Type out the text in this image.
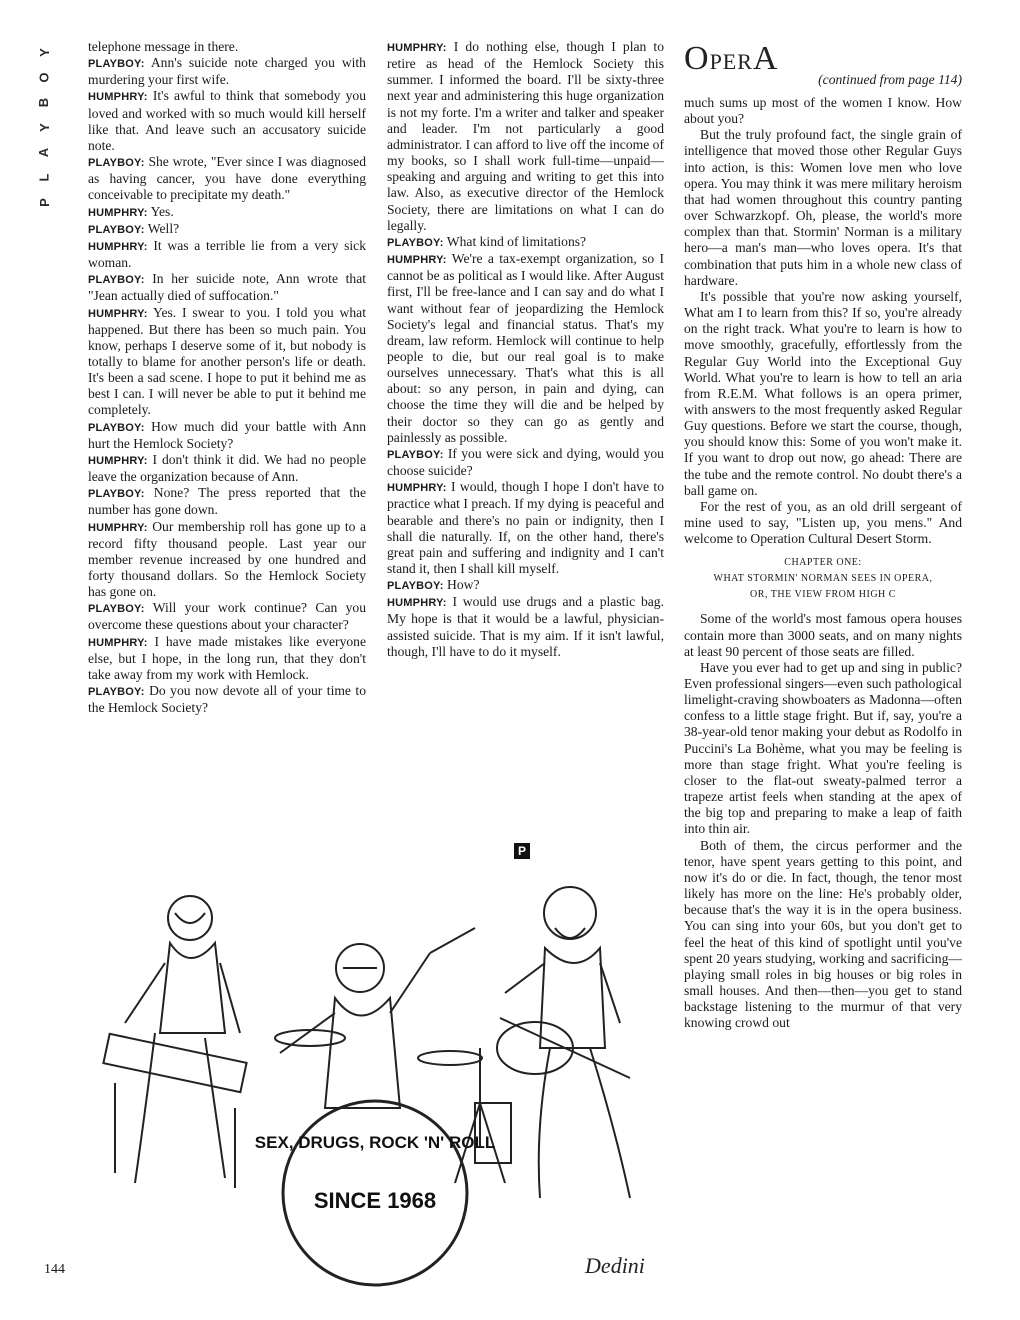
Y
O
B
Y
A
L
P

telephone message in there.

PLAYBOY: Ann's suicide note charged you with murdering your first wife.

HUMPHRY: It's awful to think that somebody you loved and worked with so much would kill herself like that. And leave such an accusatory suicide note.

PLAYBOY: She wrote, "Ever since I was diagnosed as having cancer, you have done everything conceivable to precipitate my death."

HUMPHRY: Yes.

PLAYBOY: Well?

HUMPHRY: It was a terrible lie from a very sick woman.

PLAYBOY: In her suicide note, Ann wrote that "Jean actually died of suffocation."

HUMPHRY: Yes. I swear to you. I told you what happened. But there has been so much pain. You know, perhaps I deserve some of it, but nobody is totally to blame for another person's life or death. It's been a sad scene. I hope to put it behind me as best I can. I will never be able to put it behind me completely.

PLAYBOY: How much did your battle with Ann hurt the Hemlock Society?

HUMPHRY: I don't think it did. We had no people leave the organization because of Ann.

PLAYBOY: None? The press reported that the number has gone down.

HUMPHRY: Our membership roll has gone up to a record fifty thousand people. Last year our member revenue increased by one hundred and forty thousand dollars. So the Hemlock Society has gone on.

PLAYBOY: Will your work continue? Can you overcome these questions about your character?

HUMPHRY: I have made mistakes like everyone else, but I hope, in the long run, that they don't take away from my work with Hemlock.

PLAYBOY: Do you now devote all of your time to the Hemlock Society?

HUMPHRY: I do nothing else, though I plan to retire as head of the Hemlock Society this summer. I informed the board. I'll be sixty-three next year and administering this huge organization is not my forte. I'm a writer and talker and speaker and leader. I'm not particularly a good administrator. I can afford to live off the income of my books, so I shall work full-time—unpaid—speaking and arguing and writing to get this into law. Also, as executive director of the Hemlock Society, there are limitations on what I can do legally.

PLAYBOY: What kind of limitations?

HUMPHRY: We're a tax-exempt organization, so I cannot be as political as I would like. After August first, I'll be free-lance and I can say and do what I want without fear of jeopardizing the Hemlock Society's legal and financial status. That's my dream, law reform. Hemlock will continue to help people to die, but our real goal is to make ourselves unnecessary. That's what this is all about: so any person, in pain and dying, can choose the time they will die and be helped by their doctor so they can go as gently and painlessly as possible.

PLAYBOY: If you were sick and dying, would you choose suicide?

HUMPHRY: I would, though I hope I don't have to practice what I preach. If my dying is peaceful and bearable and there's no pain or indignity, then I shall die naturally. If, on the other hand, there's great pain and suffering and indignity and I can't stand it, then I shall kill myself.

PLAYBOY: How?

HUMPHRY: I would use drugs and a plastic bag. My hope is that it would be a lawful, physician-assisted suicide. That is my aim. If it isn't lawful, though, I'll have to do it myself.

P
OPERA
(continued from page 114)

much sums up most of the women I know. How about you?

But the truly profound fact, the single grain of intelligence that moved those other Regular Guys into action, is this: Women love men who love opera. You may think it was mere military heroism that had women throughout this country panting over Schwarzkopf. Oh, please, the world's more complex than that. Stormin' Norman is a military hero—a man's man—who loves opera. It's that combination that puts him in a whole new class of hardware.

It's possible that you're now asking yourself, What am I to learn from this? If so, you're already on the right track. What you're to learn is how to move smoothly, gracefully, effortlessly from the Regular Guy World into the Exceptional Guy World. What you're to learn is how to tell an aria from R.E.M. What follows is an opera primer, with answers to the most frequently asked Regular Guy questions. Before we start the course, though, you should know this: Some of you won't make it. If you want to drop out now, go ahead: There are the tube and the remote control. No doubt there's a ball game on.

For the rest of you, as an old drill sergeant of mine used to say, "Listen up, you mens." And welcome to Operation Cultural Desert Storm.

CHAPTER ONE:
WHAT STORMIN' NORMAN SEES IN OPERA,
OR, THE VIEW FROM HIGH C

Some of the world's most famous opera houses contain more than 3000 seats, and on many nights at least 90 percent of those seats are filled.

Have you ever had to get up and sing in public? Even professional singers—even such pathological limelight-craving showboaters as Madonna—often confess to a little stage fright. But if, say, you're a 38-year-old tenor making your debut as Rodolfo in Puccini's La Bohème, what you may be feeling is more than stage fright. What you're feeling is closer to the flat-out sweaty-palmed terror a trapeze artist feels when standing at the apex of the big top and preparing to make a leap of faith into thin air.

Both of them, the circus performer and the tenor, have spent years getting to this point, and now it's do or die. In fact, though, the tenor most likely has more on the line: He's probably older, because that's the way it is in the opera business. You can sing into your 60s, but you don't get to feel the heat of this kind of spotlight until you've spent 20 years studying, working and sacrificing—playing small roles in big houses or big roles in small houses. And then—then—you get to stand backstage listening to the murmur of that very knowing crowd out

SEX, DRUGS, ROCK 'N' ROLL
SINCE 1968
Dedini
144
